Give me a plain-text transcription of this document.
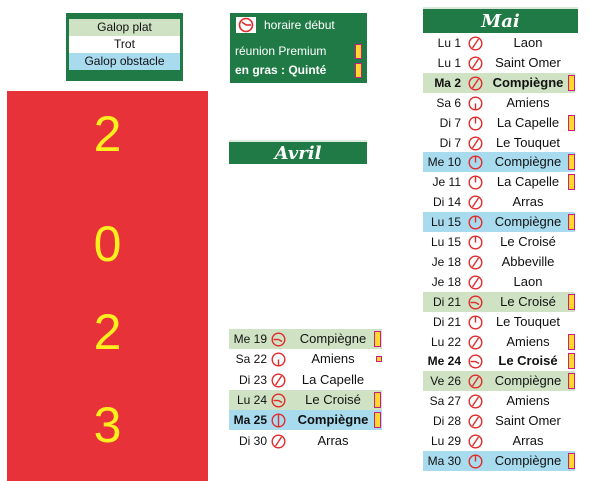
Galop plat
Trot
Galop obstacle
horaire début
réunion Premium
en gras : Quinté
2
0
2
3
Avril
Me 19	Compiègne
Sa 22	Amiens
Di 23	La Capelle
Lu 24	Le Croisé
Ma 25	Compiègne
Di 30	Arras
Mai
Lu 1	Laon
Lu 1	Saint Omer
Ma 2	Compiègne
Sa 6	Amiens
Di 7	La Capelle
Di 7	Le Touquet
Me 10	Compiègne
Je 11	La Capelle
Di 14	Arras
Lu 15	Compiègne
Lu 15	Le Croisé
Je 18	Abbeville
Je 18	Laon
Di 21	Le Croisé
Di 21	Le Touquet
Lu 22	Amiens
Me 24	Le Croisé
Ve 26	Compiègne
Sa 27	Amiens
Di 28	Saint Omer
Lu 29	Arras
Ma 30	Compiègne
